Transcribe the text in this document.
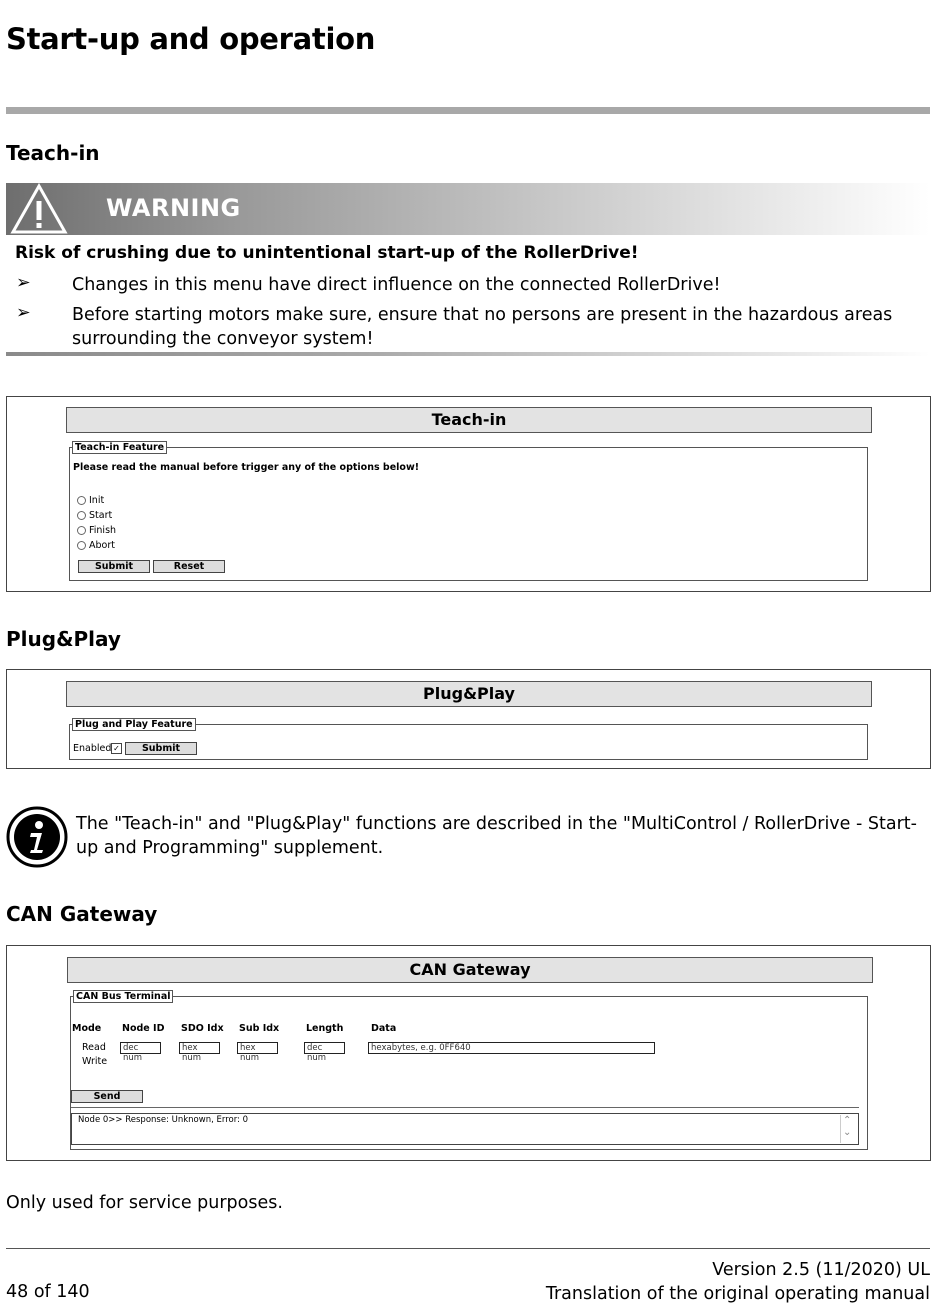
Start-up and operation
Teach-in
WARNING
Risk of crushing due to unintentional start-up of the RollerDrive!
➢	Changes in this menu have direct influence on the connected RollerDrive!
➢	Before starting motors make sure, ensure that no persons are present in the hazardous areas surrounding the conveyor system!
Teach-in
Teach-in Feature
Please read the manual before trigger any of the options below!
Init
Start
Finish
Abort
Submit	Reset
Plug&Play
Plug&Play
Plug and Play Feature
Enabled ✓	Submit
The "Teach-in" and "Plug&Play" functions are described in the "MultiControl / RollerDrive - Start-up and Programming" supplement.
CAN Gateway
CAN Gateway
CAN Bus Terminal
Mode Node ID SDO Idx Sub Idx	Length	Data
Read
Write
dec num
hex num
hex num
dec num
hexabytes, e.g. 0FF640
Send
Node 0>> Response: Unknown, Error: 0	⌃
⌄
Only used for service purposes.
48 of 140
Version 2.5 (11/2020) UL
Translation of the original operating manual
